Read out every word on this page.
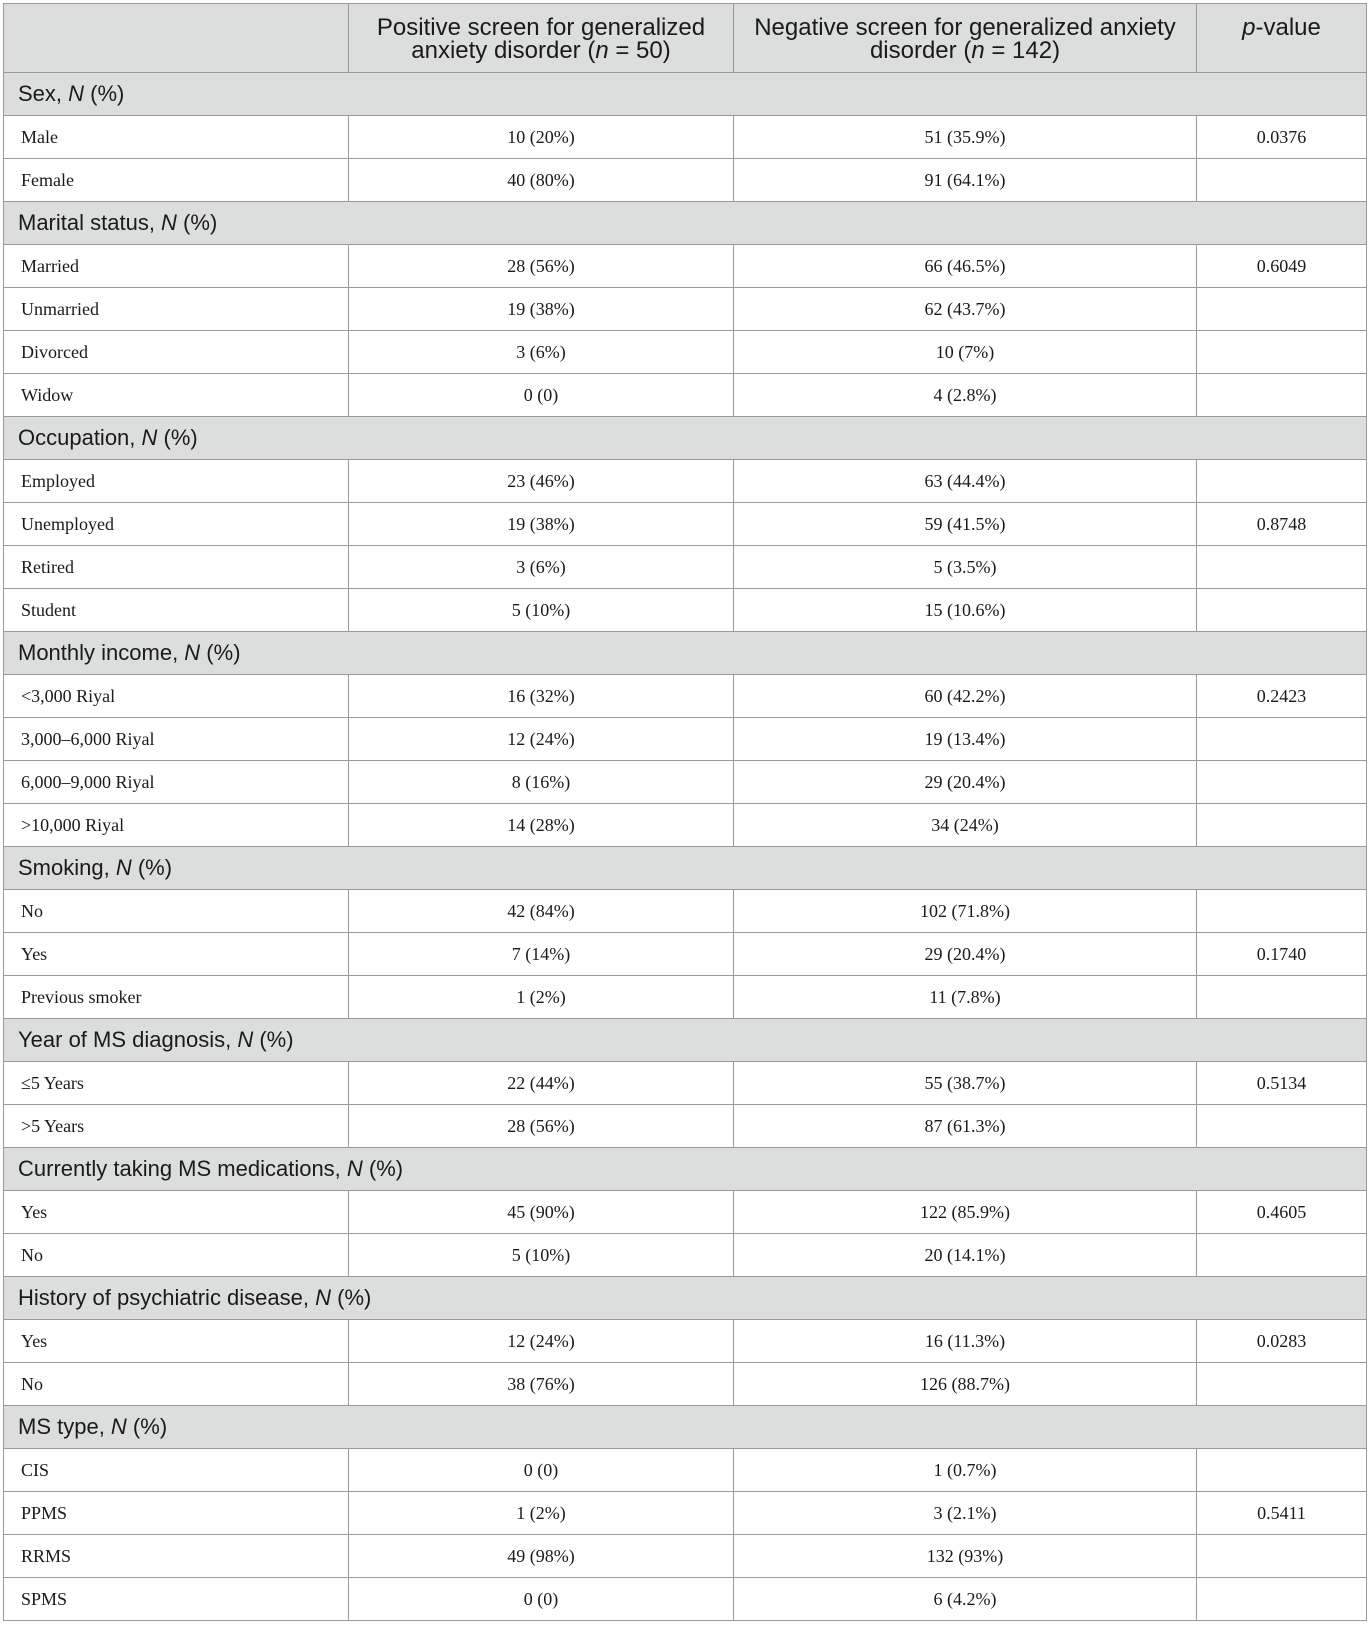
	Positive screen for generalized anxiety disorder (n = 50)	Negative screen for generalized anxiety disorder (n = 142)	p-value
Sex, N (%)			
Male	10 (20%)	51 (35.9%)	0.0376
Female	40 (80%)	91 (64.1%)	
Marital status, N (%)			
Married	28 (56%)	66 (46.5%)	0.6049
Unmarried	19 (38%)	62 (43.7%)	
Divorced	3 (6%)	10 (7%)	
Widow	0 (0)	4 (2.8%)	
Occupation, N (%)			
Employed	23 (46%)	63 (44.4%)	
Unemployed	19 (38%)	59 (41.5%)	0.8748
Retired	3 (6%)	5 (3.5%)	
Student	5 (10%)	15 (10.6%)	
Monthly income, N (%)			
<3,000 Riyal	16 (32%)	60 (42.2%)	0.2423
3,000–6,000 Riyal	12 (24%)	19 (13.4%)	
6,000–9,000 Riyal	8 (16%)	29 (20.4%)	
>10,000 Riyal	14 (28%)	34 (24%)	
Smoking, N (%)			
No	42 (84%)	102 (71.8%)	
Yes	7 (14%)	29 (20.4%)	0.1740
Previous smoker	1 (2%)	11 (7.8%)	
Year of MS diagnosis, N (%)			
≤5 Years	22 (44%)	55 (38.7%)	0.5134
>5 Years	28 (56%)	87 (61.3%)	
Currently taking MS medications, N (%)			
Yes	45 (90%)	122 (85.9%)	0.4605
No	5 (10%)	20 (14.1%)	
History of psychiatric disease, N (%)			
Yes	12 (24%)	16 (11.3%)	0.0283
No	38 (76%)	126 (88.7%)	
MS type, N (%)			
CIS	0 (0)	1 (0.7%)	
PPMS	1 (2%)	3 (2.1%)	0.5411
RRMS	49 (98%)	132 (93%)	
SPMS	0 (0)	6 (4.2%)	
